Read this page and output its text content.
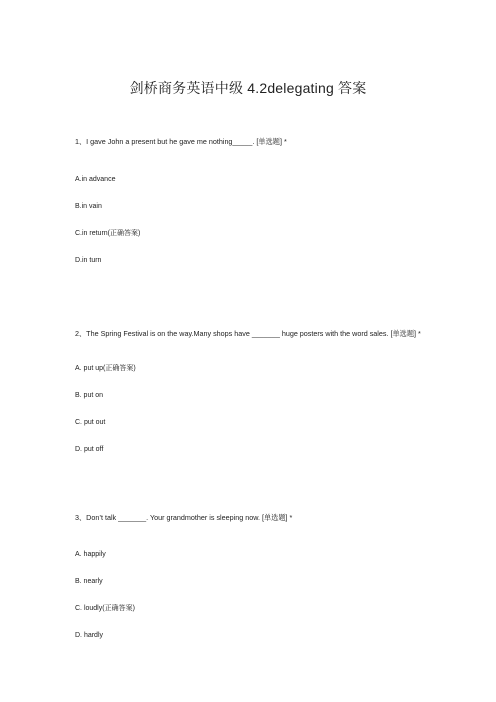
剑桥商务英语中级 4.2delegating 答案

1、I gave John a present but he gave me nothing_____. [单选题] *

A.in advance
B.in vain
C.in return(正确答案)
D.in turn

2、The Spring Festival is on the way.Many shops have _______ huge posters with the word sales. [单选题] *

A. put up(正确答案)
B. put on
C. put out
D. put off

3、Don’t talk _______. Your grandmother is sleeping now. [单选题] *

A. happily
B. nearly
C. loudly(正确答案)
D. hardly
